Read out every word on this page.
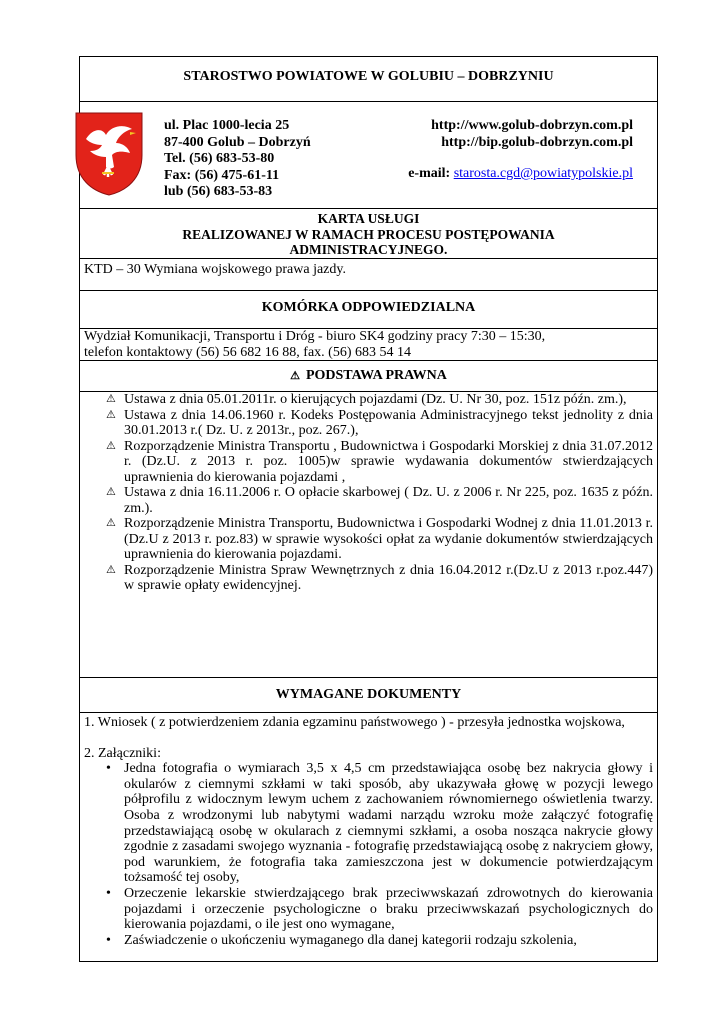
STAROSTWO POWIATOWE W GOLUBIU – DOBRZYNIU
ul. Plac 1000-lecia 25
87-400 Golub – Dobrzyń
Tel. (56) 683-53-80
Fax: (56) 475-61-11
lub (56) 683-53-83
http://www.golub-dobrzyn.com.pl
http://bip.golub-dobrzyn.com.pl
e-mail: starosta.cgd@powiatypolskie.pl
KARTA USŁUGI
REALIZOWANEJ W RAMACH PROCESU POSTĘPOWANIA
ADMINISTRACYJNEGO.
KTD – 30 Wymiana wojskowego prawa jazdy.
KOMÓRKA ODPOWIEDZIALNA
Wydział Komunikacji, Transportu i Dróg - biuro SK4 godziny pracy 7:30 – 15:30,
telefon kontaktowy (56) 56 682 16 88, fax. (56) 683 54 14
⚠ PODSTAWA PRAWNA
⚠ Ustawa z dnia 05.01.2011r. o kierujących pojazdami (Dz. U. Nr 30, poz. 151z późn. zm.),
⚠ Ustawa z dnia 14.06.1960 r. Kodeks Postępowania Administracyjnego tekst jednolity z dnia 30.01.2013 r.( Dz. U. z 2013r., poz. 267.),
⚠ Rozporządzenie Ministra Transportu , Budownictwa i Gospodarki Morskiej z dnia 31.07.2012 r. (Dz.U. z 2013 r. poz. 1005)w sprawie wydawania dokumentów stwierdzających uprawnienia do kierowania pojazdami ,
⚠ Ustawa z dnia 16.11.2006 r. O opłacie skarbowej ( Dz. U. z 2006 r. Nr 225, poz. 1635 z późn. zm.).
⚠ Rozporządzenie Ministra Transportu, Budownictwa i Gospodarki Wodnej z dnia 11.01.2013 r. (Dz.U z 2013 r. poz.83) w sprawie wysokości opłat za wydanie dokumentów stwierdzających uprawnienia do kierowania pojazdami.
⚠ Rozporządzenie Ministra Spraw Wewnętrznych z dnia 16.04.2012 r.(Dz.U z 2013 r.poz.447) w sprawie opłaty ewidencyjnej.
WYMAGANE DOKUMENTY

1. Wniosek ( z potwierdzeniem zdania egzaminu państwowego ) - przesyła jednostka wojskowa,

2. Załączniki:

• Jedna fotografia o wymiarach 3,5 x 4,5 cm przedstawiająca osobę bez nakrycia głowy i okularów z ciemnymi szkłami w taki sposób, aby ukazywała głowę w pozycji lewego półprofilu z widocznym lewym uchem z zachowaniem równomiernego oświetlenia twarzy. Osoba z wrodzonymi lub nabytymi wadami narządu wzroku może załączyć fotografię przedstawiającą osobę w okularach z ciemnymi szkłami, a osoba nosząca nakrycie głowy zgodnie z zasadami swojego wyznania - fotografię przedstawiającą osobę z nakryciem głowy, pod warunkiem, że fotografia taka zamieszczona jest w dokumencie potwierdzającym tożsamość tej osoby,
• Orzeczenie lekarskie stwierdzającego brak przeciwwskazań zdrowotnych do kierowania pojazdami i orzeczenie psychologiczne o braku przeciwwskazań psychologicznych do kierowania pojazdami, o ile jest ono wymagane,
• Zaświadczenie o ukończeniu wymaganego dla danej kategorii rodzaju szkolenia,
